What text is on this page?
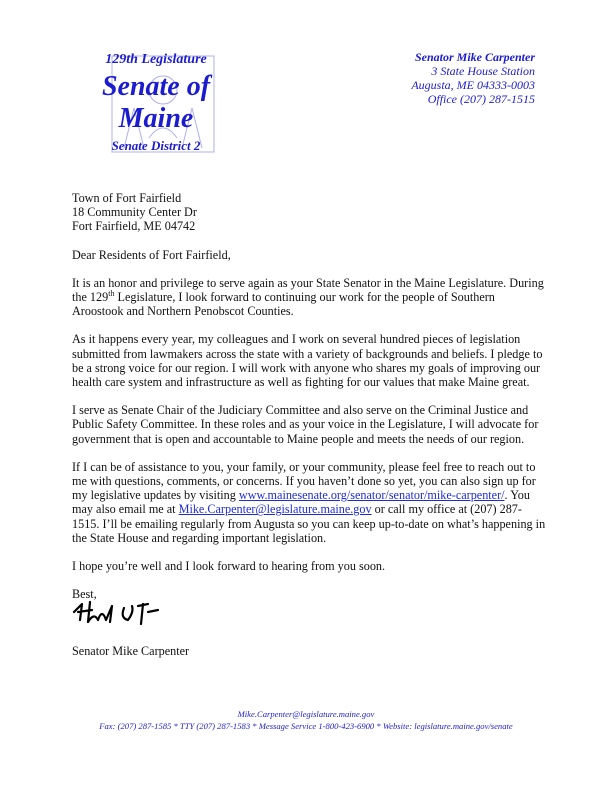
129th Legislature
Senate of
Maine
Senate District 2
Senator Mike Carpenter
3 State House Station
Augusta, ME 04333-0003
Office (207) 287-1515
Town of Fort Fairfield
18 Community Center Dr
Fort Fairfield, ME 04742

Dear Residents of Fort Fairfield,

It is an honor and privilege to serve again as your State Senator in the Maine Legislature. During the 129th Legislature, I look forward to continuing our work for the people of Southern Aroostook and Northern Penobscot Counties.

As it happens every year, my colleagues and I work on several hundred pieces of legislation submitted from lawmakers across the state with a variety of backgrounds and beliefs. I pledge to be a strong voice for our region. I will work with anyone who shares my goals of improving our health care system and infrastructure as well as fighting for our values that make Maine great.

I serve as Senate Chair of the Judiciary Committee and also serve on the Criminal Justice and Public Safety Committee. In these roles and as your voice in the Legislature, I will advocate for government that is open and accountable to Maine people and meets the needs of our region.

If I can be of assistance to you, your family, or your community, please feel free to reach out to me with questions, comments, or concerns. If you haven’t done so yet, you can also sign up for my legislative updates by visiting www.mainesenate.org/senator/senator/mike-carpenter/. You may also email me at Mike.Carpenter@legislature.maine.gov or call my office at (207) 287-1515. I’ll be emailing regularly from Augusta so you can keep up-to-date on what’s happening in the State House and regarding important legislation.

I hope you’re well and I look forward to hearing from you soon.

Best,

Senator Mike Carpenter
Mike.Carpenter@legislature.maine.gov
Fax: (207) 287-1585 * TTY (207) 287-1583 * Message Service 1-800-423-6900 * Website: legislature.maine.gov/senate
